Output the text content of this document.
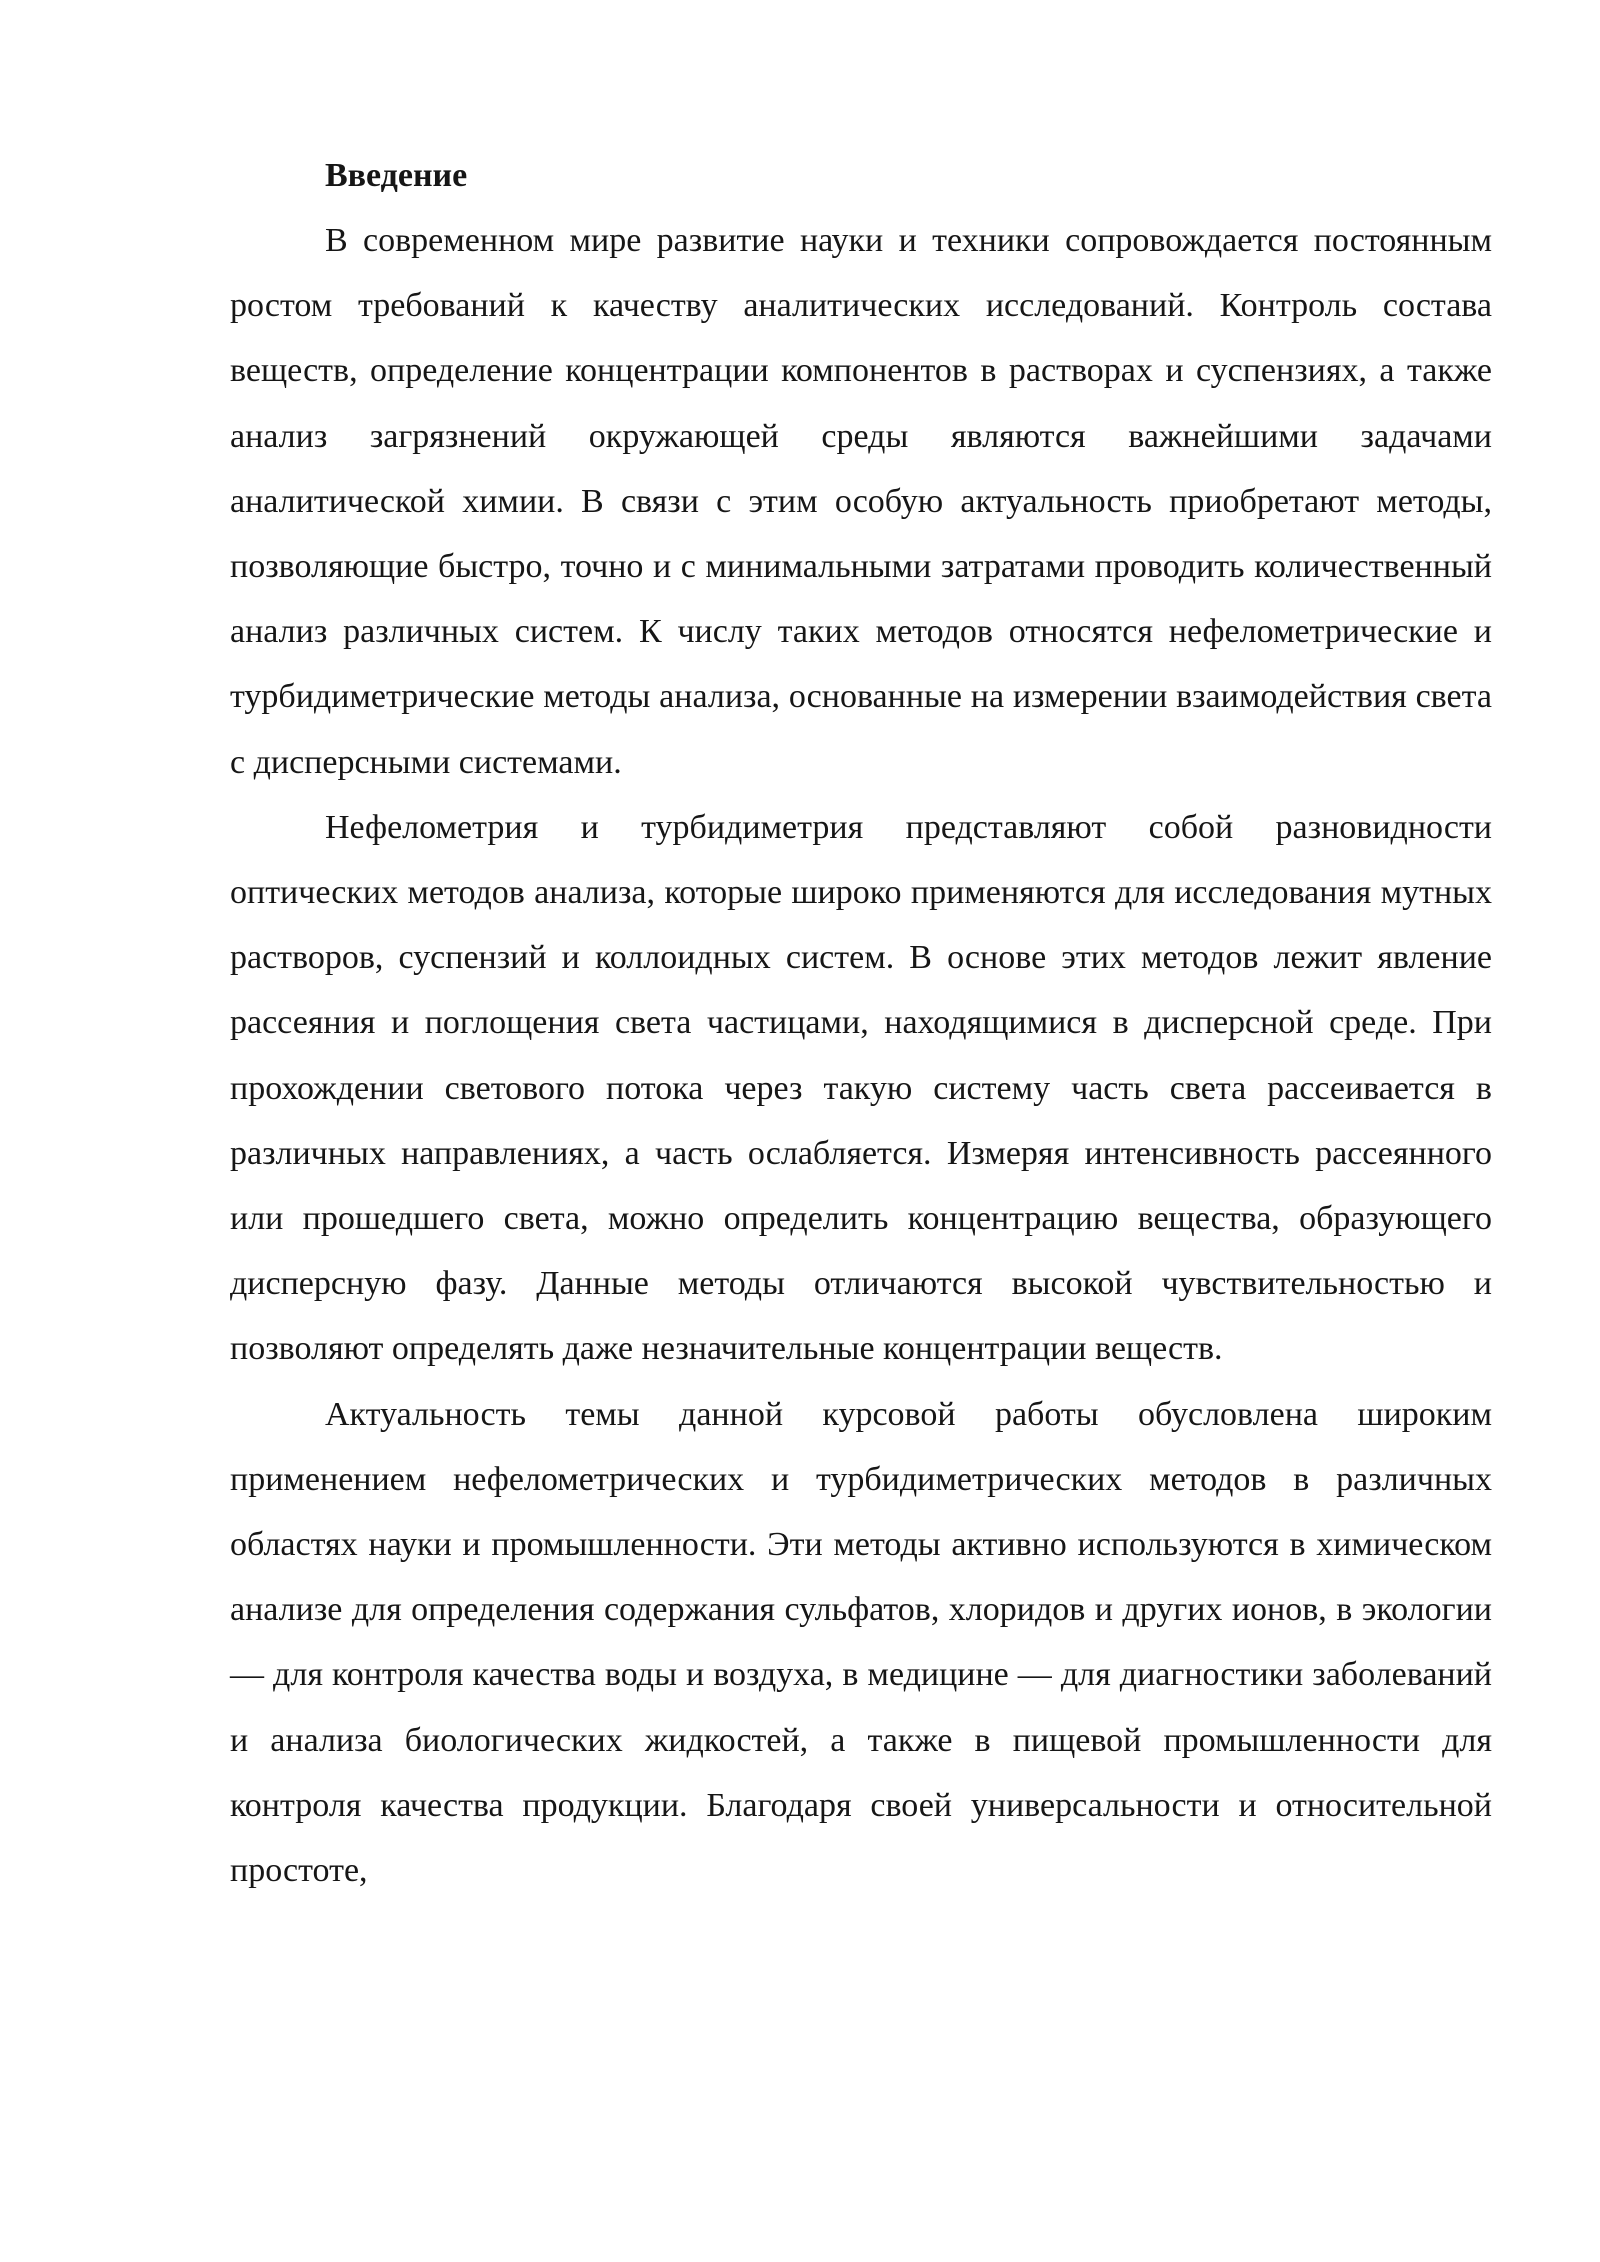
Введение

В современном мире развитие науки и техники сопровождается постоянным ростом требований к качеству аналитических исследований. Контроль состава веществ, определение концентрации компонентов в растворах и суспензиях, а также анализ загрязнений окружающей среды являются важнейшими задачами аналитической химии. В связи с этим особую актуальность приобретают методы, позволяющие быстро, точно и с минимальными затратами проводить количественный анализ различных систем. К числу таких методов относятся нефелометрические и турбидиметрические методы анализа, основанные на измерении взаимодействия света с дисперсными системами.

Нефелометрия и турбидиметрия представляют собой разновидности оптических методов анализа, которые широко применяются для исследования мутных растворов, суспензий и коллоидных систем. В основе этих методов лежит явление рассеяния и поглощения света частицами, находящимися в дисперсной среде. При прохождении светового потока через такую систему часть света рассеивается в различных направлениях, а часть ослабляется. Измеряя интенсивность рассеянного или прошедшего света, можно определить концентрацию вещества, образующего дисперсную фазу. Данные методы отличаются высокой чувствительностью и позволяют определять даже незначительные концентрации веществ.

Актуальность темы данной курсовой работы обусловлена широким применением нефелометрических и турбидиметрических методов в различных областях науки и промышленности. Эти методы активно используются в химическом анализе для определения содержания сульфатов, хлоридов и других ионов, в экологии — для контроля качества воды и воздуха, в медицине — для диагностики заболеваний и анализа биологических жидкостей, а также в пищевой промышленности для контроля качества продукции. Благодаря своей универсальности и относительной простоте,
